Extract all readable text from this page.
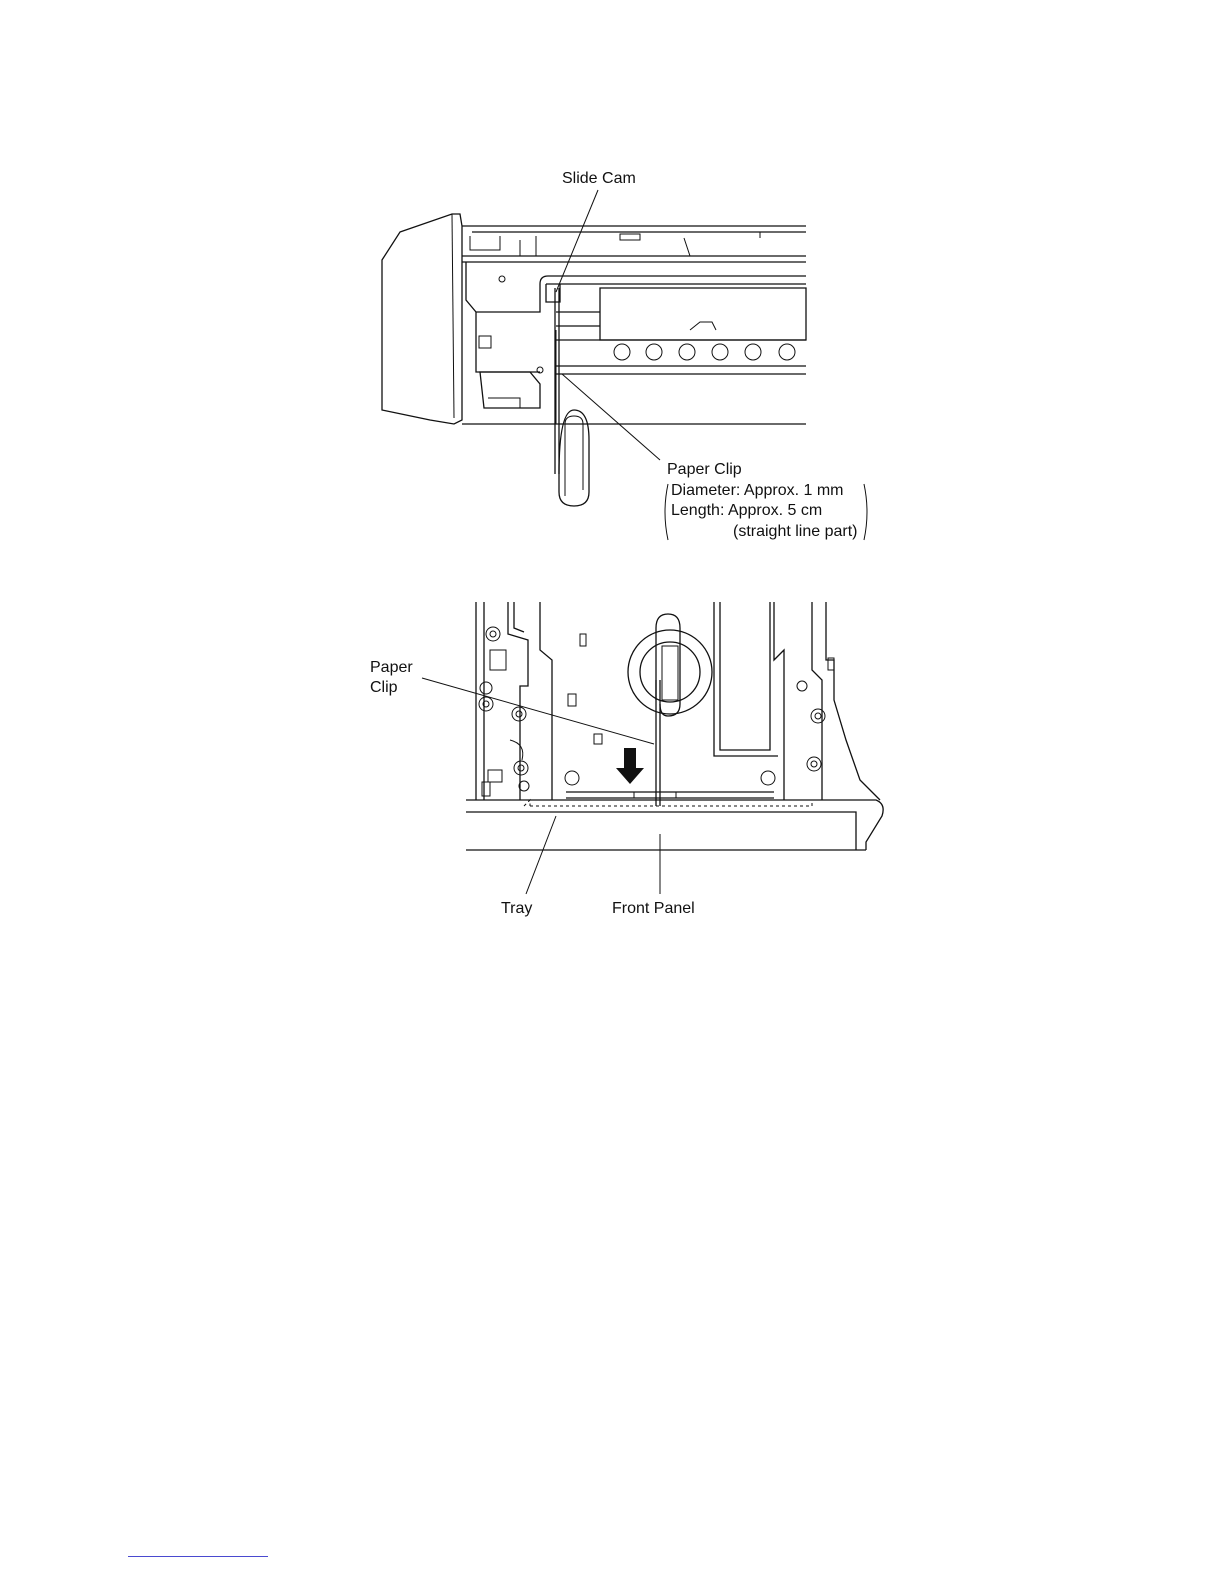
Slide Cam
Paper Clip
Diameter: Approx. 1 mm
Length: Approx. 5 cm
(straight line part)
Paper
Clip
Tray	Front Panel
